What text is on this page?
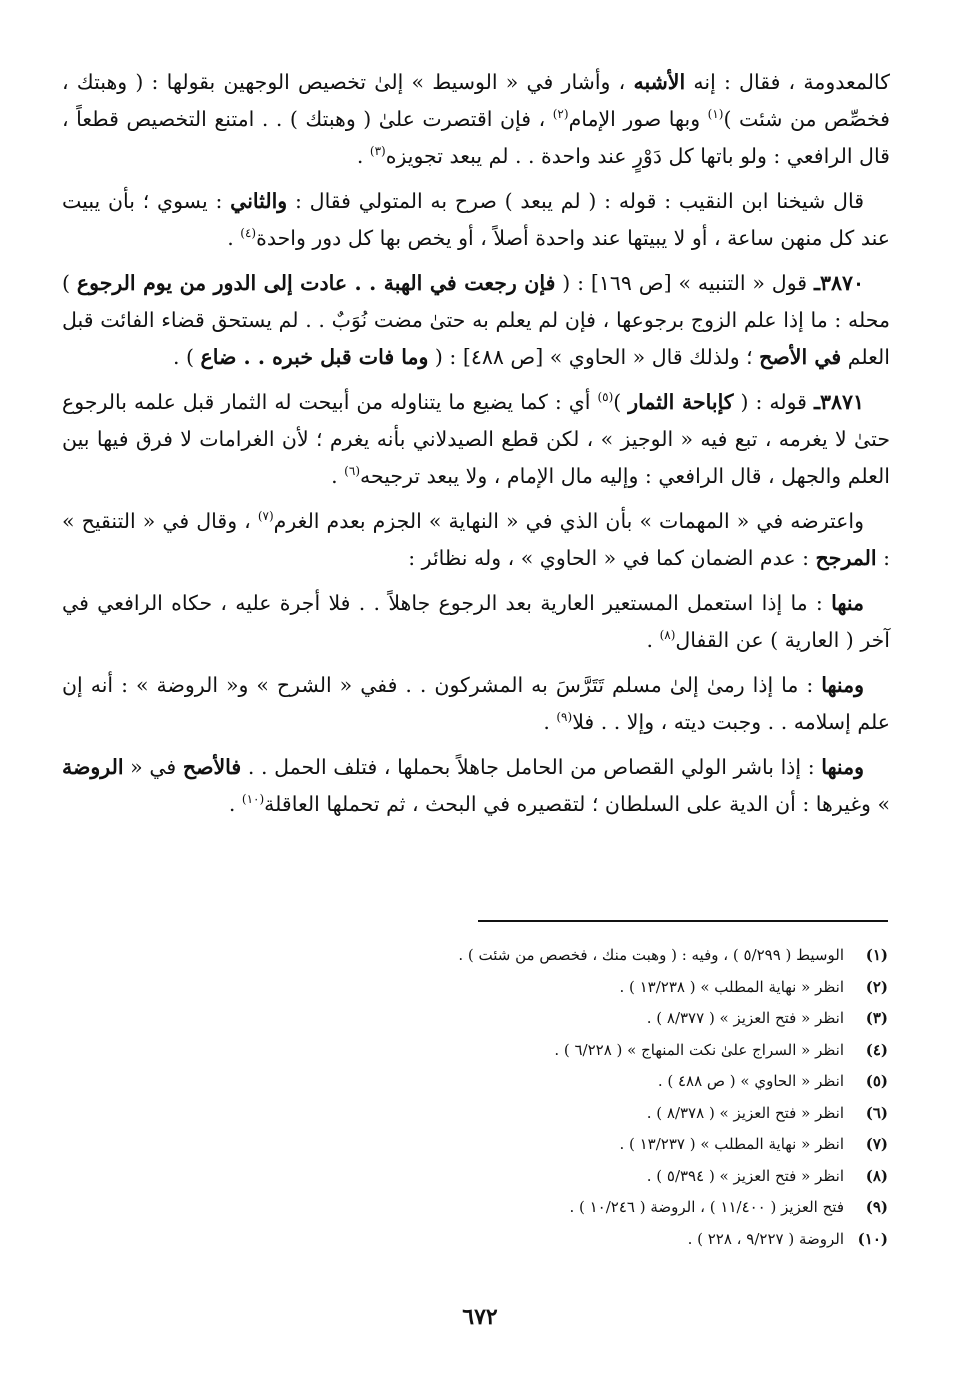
كالمعدومة ، فقال : إنه الأشبه ، وأشار في « الوسيط » إلىٰ تخصيص الوجهين بقولها : ( وهبتك ، فخصِّص من شئت )$^{(١)}$ وبها صور الإمام$^{(٢)}$ ، فإن اقتصرت علىٰ ( وهبتك ) . . امتنع التخصيص قطعاً ، قال الرافعي : ولو باتها كل دَوْرٍ عند واحدة . . لم يبعد تجويزه$^{(٣)}$ .

قال شيخنا ابن النقيب : قوله : ( لم يبعد ) صرح به المتولي فقال : والثاني : يسوي ؛ بأن يبيت عند كل منهن ساعة ، أو لا يبيتها عند واحدة أصلاً ، أو يخص بها كل دور واحدة$^{(٤)}$ .

٣٨٧٠ـ قول « التنبيه » [ص ١٦٩] : ( فإن رجعت في الهبة . . عادت إلى الدور من يوم الرجوع ) محله : ما إذا علم الزوج برجوعها ، فإن لم يعلم به حتىٰ مضت نُوَبٌ . . لم يستحق قضاء الفائت قبل العلم في الأصح ؛ ولذلك قال « الحاوي » [ص ٤٨٨] : ( وما فات قبل خبره . . ضاع ) .

٣٨٧١ـ قوله : ( كإباحة الثمار )$^{(٥)}$ أي : كما يضيع ما يتناوله من أبيحت له الثمار قبل علمه بالرجوع حتىٰ لا يغرمه ، تبع فيه « الوجيز » ، لكن قطع الصيدلاني بأنه يغرم ؛ لأن الغرامات لا فرق فيها بين العلم والجهل ، قال الرافعي : وإليه مال الإمام ، ولا يبعد ترجيحه$^{(٦)}$ .

واعترضه في « المهمات » بأن الذي في « النهاية » الجزم بعدم الغرم$^{(٧)}$ ، وقال في « التنقيح » : المرجح : عدم الضمان كما في « الحاوي » ، وله نظائر :

منها : ما إذا استعمل المستعير العارية بعد الرجوع جاهلاً . . فلا أجرة عليه ، حكاه الرافعي في آخر ( العارية ) عن القفال$^{(٨)}$ .

ومنها : ما إذا رمىٰ إلىٰ مسلم تَتَرَّسَ به المشركون . . ففي « الشرح » و« الروضة » : أنه إن علم إسلامه . . وجبت ديته ، وإلا . . فلا$^{(٩)}$ .

ومنها : إذا باشر الولي القصاص من الحامل جاهلاً بحملها ، فتلف الحمل . . فالأصح في « الروضة » وغيرها : أن الدية على السلطان ؛ لتقصيره في البحث ، ثم تحملها العاقلة$^{(١٠)}$ .

(١)
الوسيط ( ٥/٢٩٩ ) ، وفيه : ( وهبت منك ، فخصص من شئت ) .
(٢)
انظر « نهاية المطلب » ( ١٣/٢٣٨ ) .
(٣)
انظر « فتح العزيز » ( ٨/٣٧٧ ) .
(٤)
انظر « السراج علىٰ نكت المنهاج » ( ٦/٢٢٨ ) .
(٥)
انظر « الحاوي » ( ص ٤٨٨ ) .
(٦)
انظر « فتح العزيز » ( ٨/٣٧٨ ) .
(٧)
انظر « نهاية المطلب » ( ١٣/٢٣٧ ) .
(٨)
انظر « فتح العزيز » ( ٥/٣٩٤ ) .
(٩)
فتح العزيز ( ١١/٤٠٠ ) ، الروضة ( ١٠/٢٤٦ ) .
(١٠)
الروضة ( ٩/٢٢٧ ، ٢٢٨ ) .
٦٧٢
